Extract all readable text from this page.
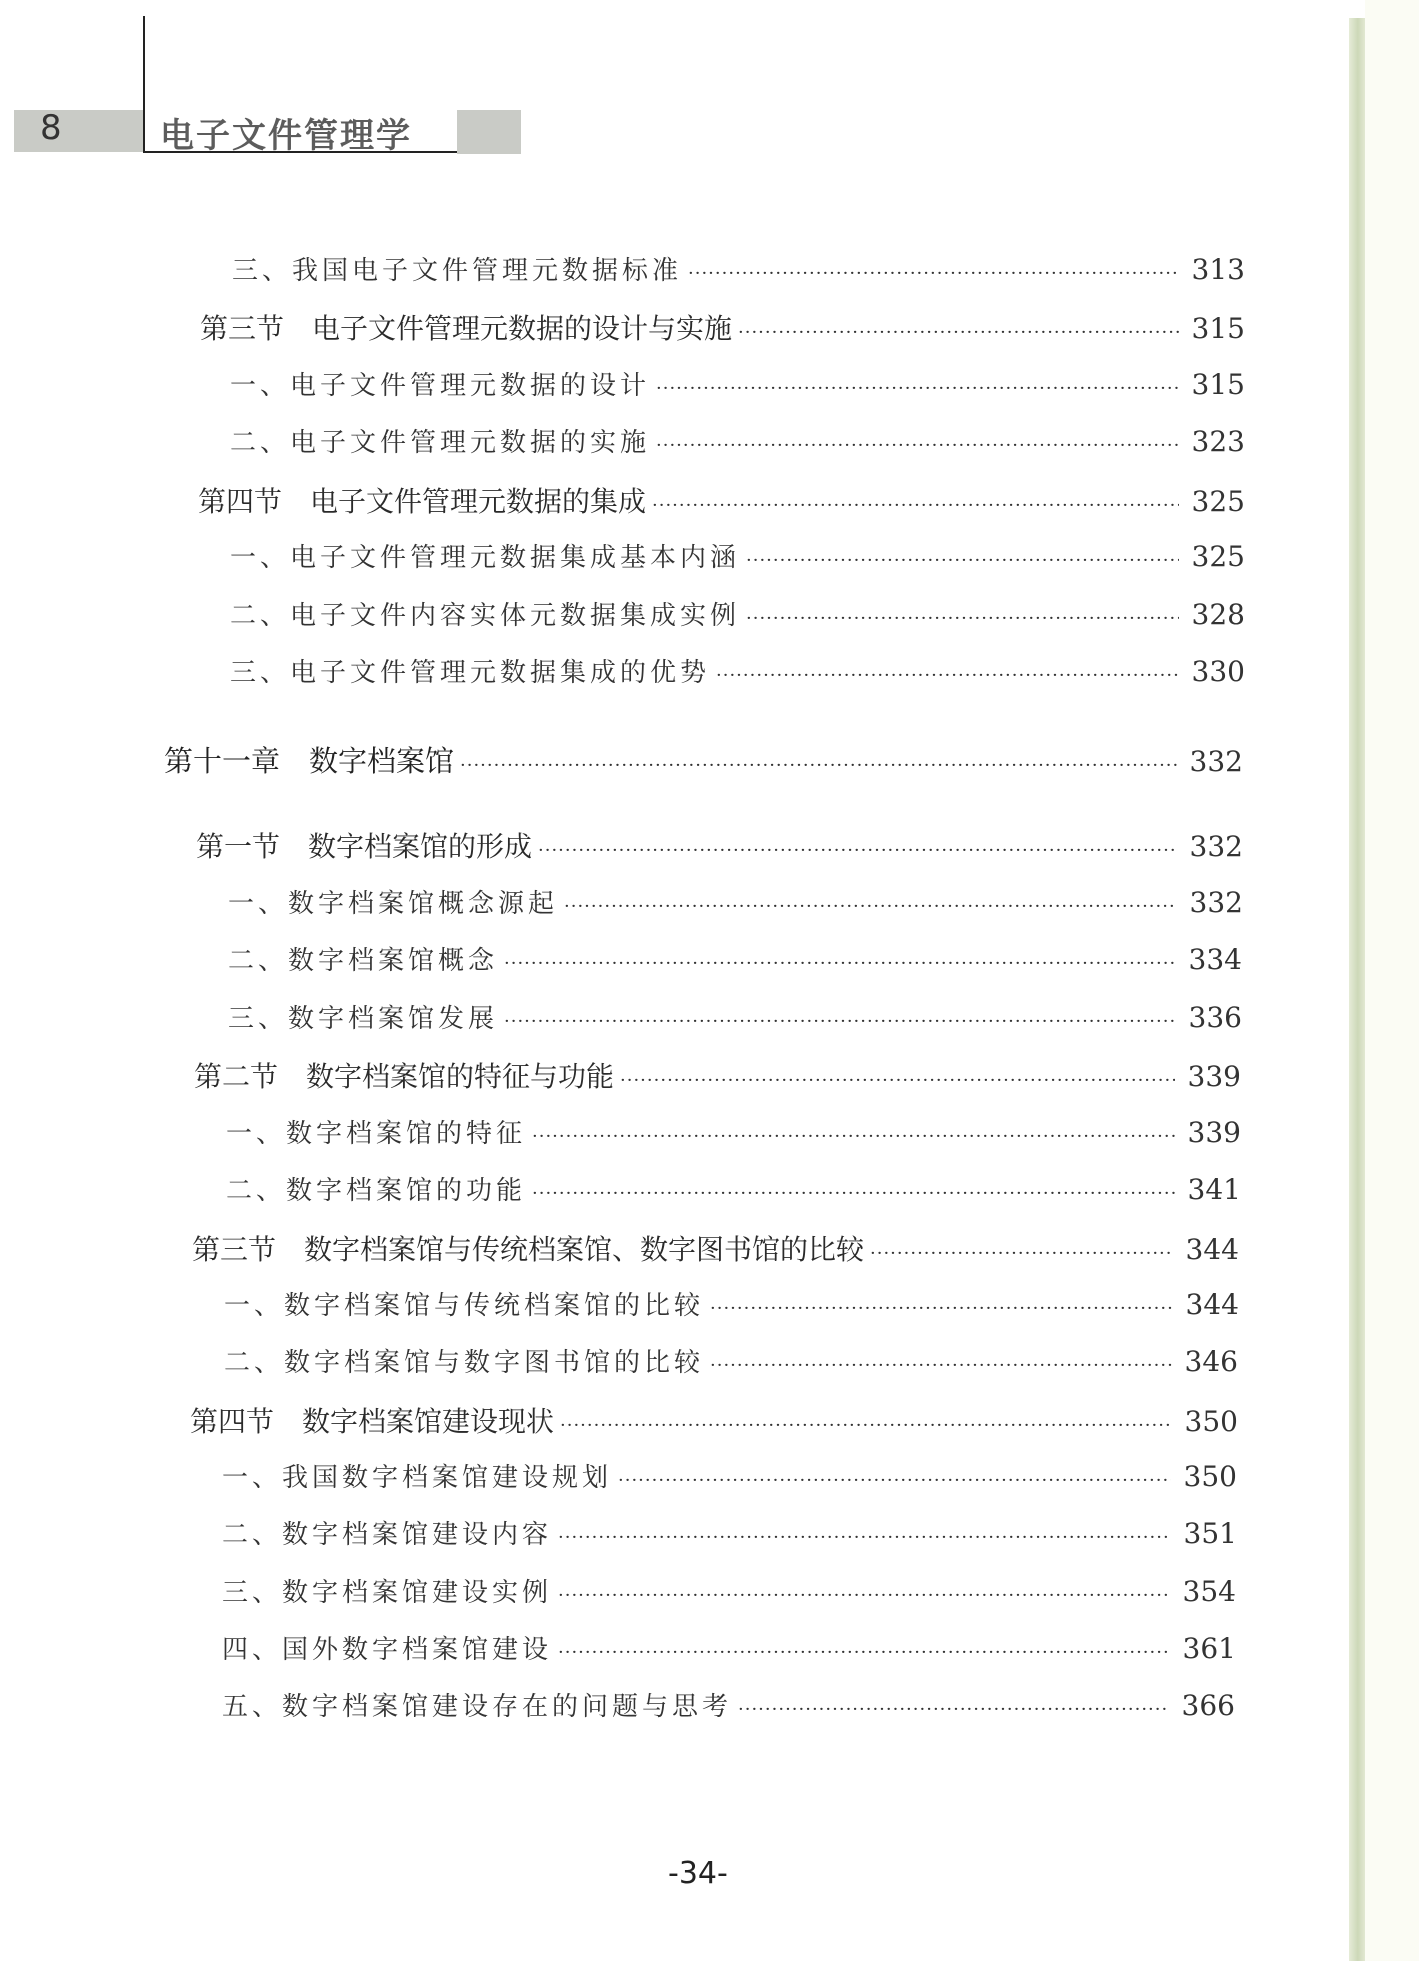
8	电子文件管理学
三、我国电子文件管理元数据标准 ·····	313
第三节　电子文件管理元数据的设计与实施 ·····	315
一、电子文件管理元数据的设计 ·····	315
二、电子文件管理元数据的实施 ·····	323
第四节　电子文件管理元数据的集成 ·····	325
一、电子文件管理元数据集成基本内涵 ·····	325
二、电子文件内容实体元数据集成实例 ·····	328
三、电子文件管理元数据集成的优势 ·····	330
第十一章　数字档案馆 ·····	332
第一节　数字档案馆的形成 ·····	332
一、数字档案馆概念源起 ·····	332
二、数字档案馆概念 ·····	334
三、数字档案馆发展 ·····	336
第二节　数字档案馆的特征与功能 ·····	339
一、数字档案馆的特征 ·····	339
二、数字档案馆的功能 ·····	341
第三节　数字档案馆与传统档案馆、数字图书馆的比较 ·····	344
一、数字档案馆与传统档案馆的比较 ·····	344
二、数字档案馆与数字图书馆的比较 ·····	346
第四节　数字档案馆建设现状 ·····	350
一、我国数字档案馆建设规划 ·····	350
二、数字档案馆建设内容 ·····	351
三、数字档案馆建设实例 ·····	354
四、国外数字档案馆建设 ·····	361
五、数字档案馆建设存在的问题与思考 ·····	366
-34-
